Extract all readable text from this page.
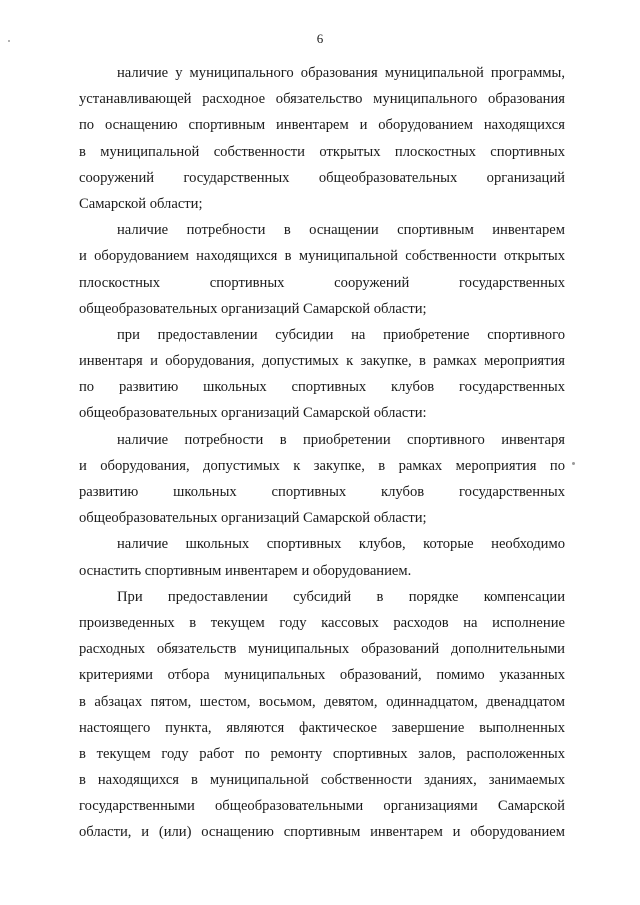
6
наличие у муниципального образования муниципальной программы,
устанавливающей расходное обязательство муниципального образования
по оснащению спортивным инвентарем и оборудованием находящихся
в муниципальной собственности открытых плоскостных спортивных
сооружений государственных общеобразовательных организаций
Самарской области;
наличие потребности в оснащении спортивным инвентарем
и оборудованием находящихся в муниципальной собственности открытых
плоскостных спортивных сооружений государственных
общеобразовательных организаций Самарской области;
при предоставлении субсидии на приобретение спортивного
инвентаря и оборудования, допустимых к закупке, в рамках мероприятия
по развитию школьных спортивных клубов государственных
общеобразовательных организаций Самарской области:
наличие потребности в приобретении спортивного инвентаря
и оборудования, допустимых к закупке, в рамках мероприятия по
развитию школьных спортивных клубов государственных
общеобразовательных организаций Самарской области;
наличие школьных спортивных клубов, которые необходимо
оснастить спортивным инвентарем и оборудованием.
При предоставлении субсидий в порядке компенсации
произведенных в текущем году кассовых расходов на исполнение
расходных обязательств муниципальных образований дополнительными
критериями отбора муниципальных образований, помимо указанных
в абзацах пятом, шестом, восьмом, девятом, одиннадцатом, двенадцатом
настоящего пункта, являются фактическое завершение выполненных
в текущем году работ по ремонту спортивных залов, расположенных
в находящихся в муниципальной собственности зданиях, занимаемых
государственными общеобразовательными организациями Самарской
области, и (или) оснащению спортивным инвентарем и оборудованием
